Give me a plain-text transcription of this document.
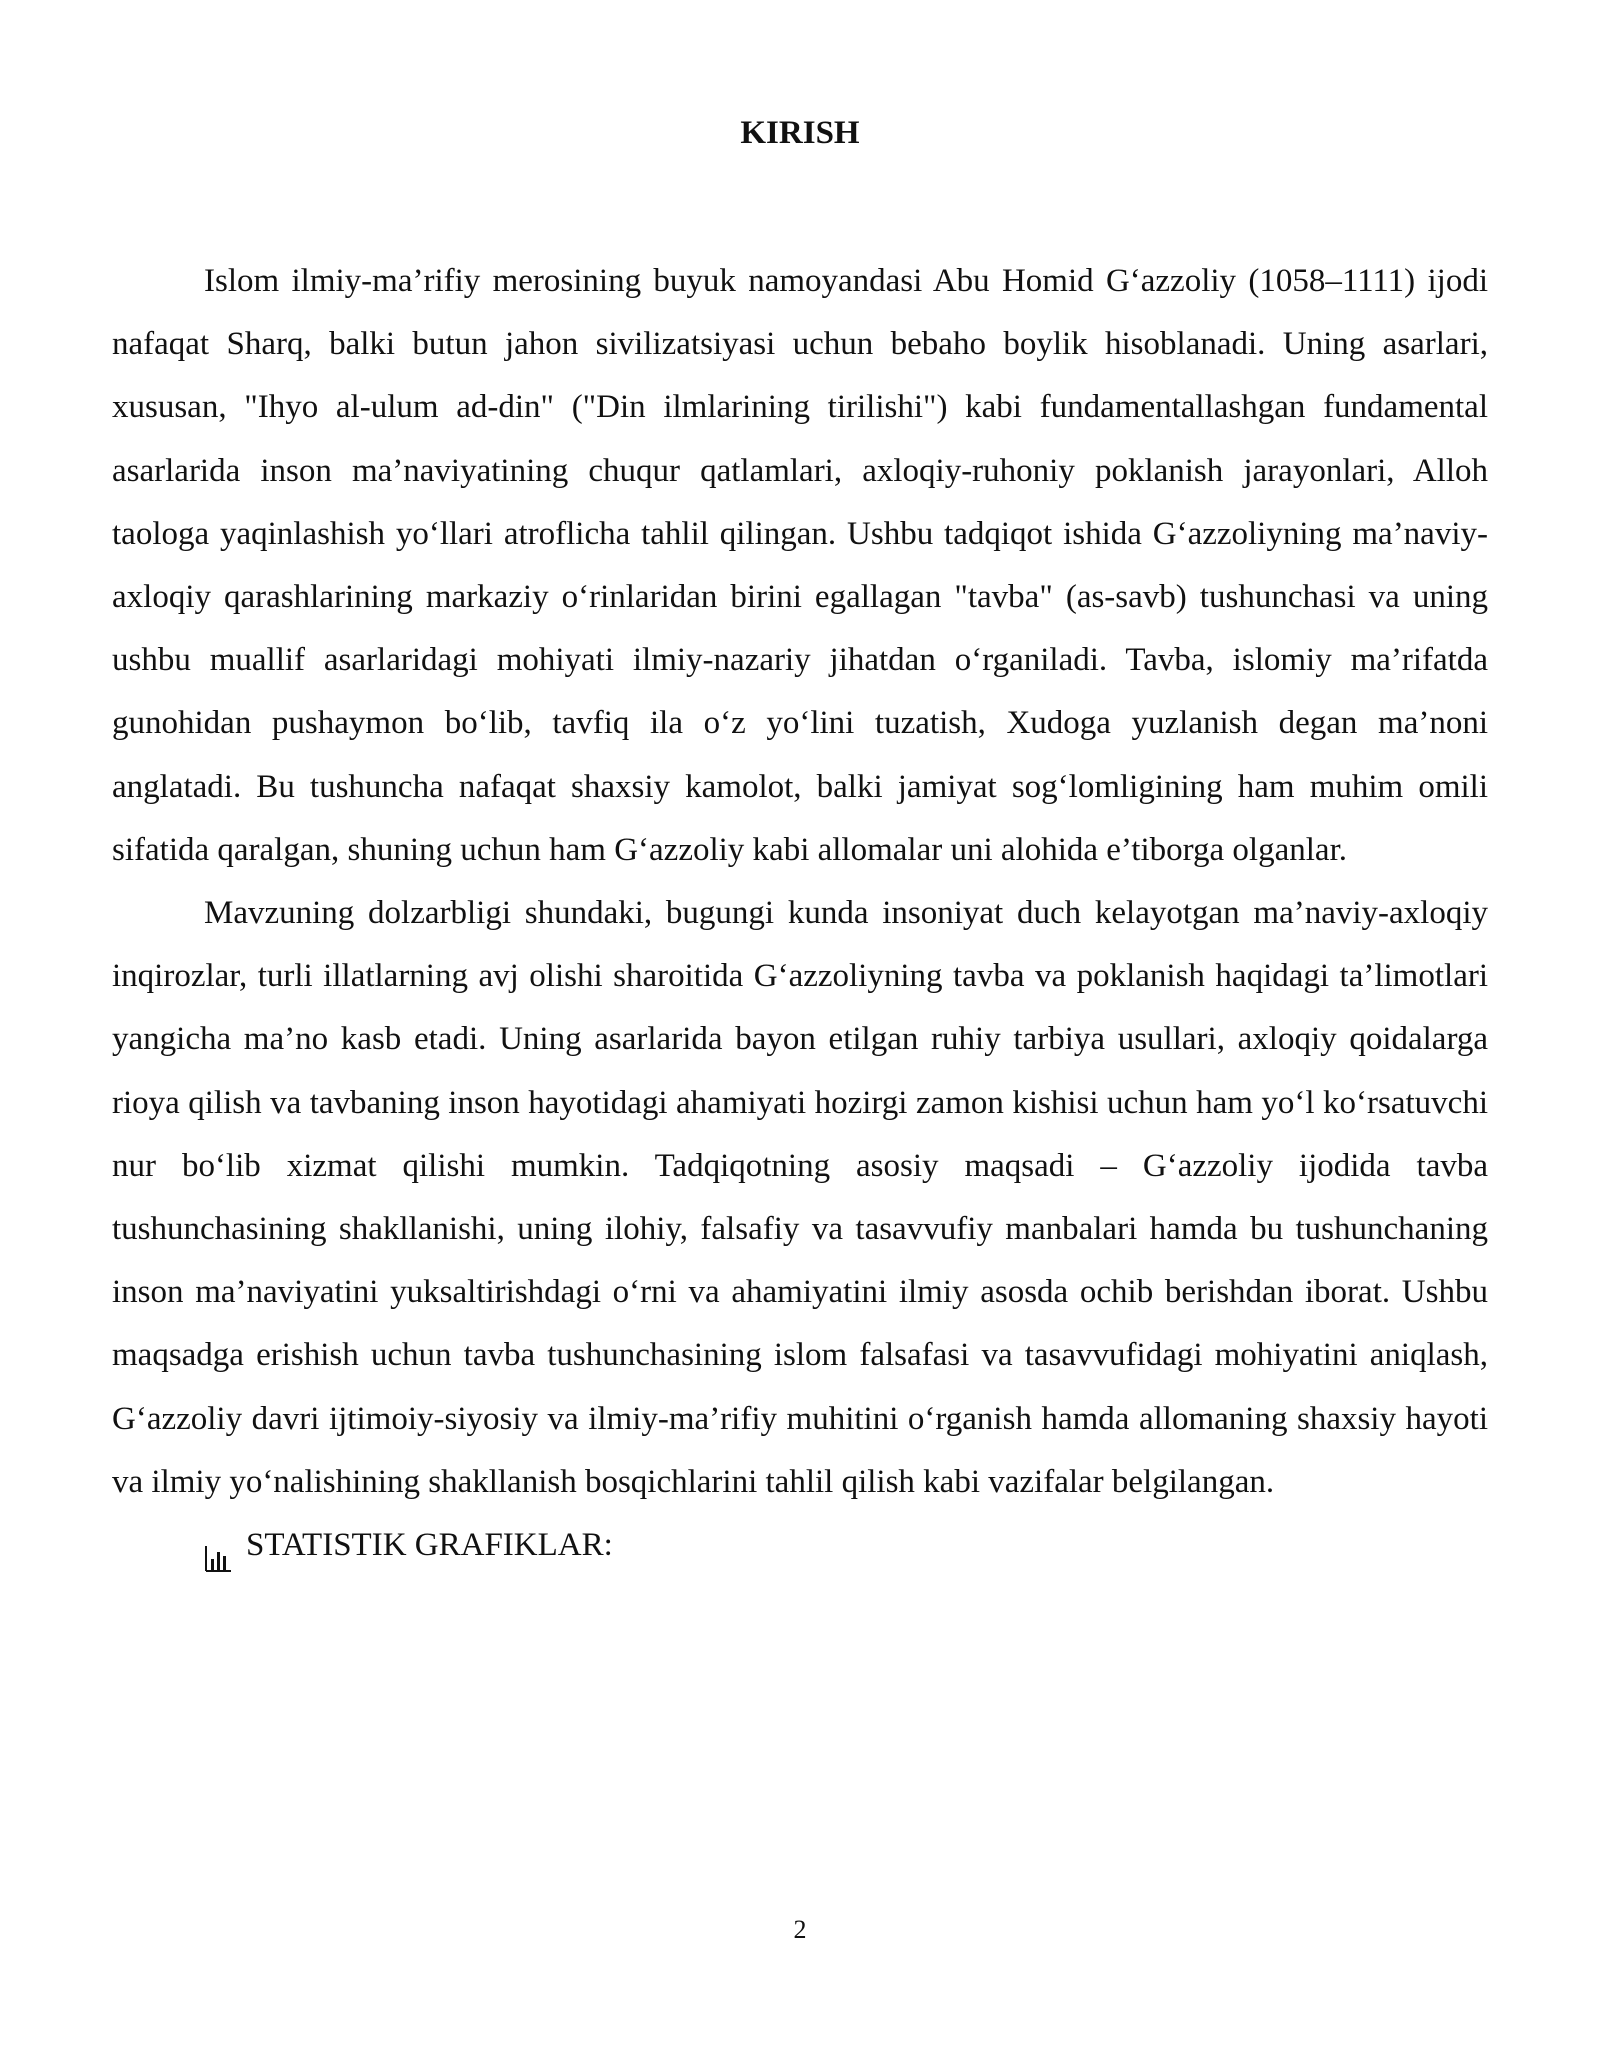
KIRISH

Islom ilmiy-ma’rifiy merosining buyuk namoyandasi Abu Homid G‘azzoliy (1058–1111) ijodi nafaqat Sharq, balki butun jahon sivilizatsiyasi uchun bebaho boylik hisoblanadi. Uning asarlari, xususan, "Ihyo al-ulum ad-din" ("Din ilmlarining tirilishi") kabi fundamentallashgan fundamental asarlarida inson ma’naviyatining chuqur qatlamlari, axloqiy-ruhoniy poklanish jarayonlari, Alloh taologa yaqinlashish yo‘llari atroflicha tahlil qilingan. Ushbu tadqiqot ishida G‘azzoliyning ma’naviy-axloqiy qarashlarining markaziy o‘rinlaridan birini egallagan "tavba" (as-savb) tushunchasi va uning ushbu muallif asarlaridagi mohiyati ilmiy-nazariy jihatdan o‘rganiladi. Tavba, islomiy ma’rifatda gunohidan pushaymon bo‘lib, tavfiq ila o‘z yo‘lini tuzatish, Xudoga yuzlanish degan ma’noni anglatadi. Bu tushuncha nafaqat shaxsiy kamolot, balki jamiyat sog‘lomligining ham muhim omili sifatida qaralgan, shuning uchun ham G‘azzoliy kabi allomalar uni alohida e’tiborga olganlar.

Mavzuning dolzarbligi shundaki, bugungi kunda insoniyat duch kelayotgan ma’naviy-axloqiy inqirozlar, turli illatlarning avj olishi sharoitida G‘azzoliyning tavba va poklanish haqidagi ta’limotlari yangicha ma’no kasb etadi. Uning asarlarida bayon etilgan ruhiy tarbiya usullari, axloqiy qoidalarga rioya qilish va tavbaning inson hayotidagi ahamiyati hozirgi zamon kishisi uchun ham yo‘l ko‘rsatuvchi nur bo‘lib xizmat qilishi mumkin. Tadqiqotning asosiy maqsadi – G‘azzoliy ijodida tavba tushunchasining shakllanishi, uning ilohiy, falsafiy va tasavvufiy manbalari hamda bu tushunchaning inson ma’naviyatini yuksaltirishdagi o‘rni va ahamiyatini ilmiy asosda ochib berishdan iborat. Ushbu maqsadga erishish uchun tavba tushunchasining islom falsafasi va tasavvufidagi mohiyatini aniqlash, G‘azzoliy davri ijtimoiy-siyosiy va ilmiy-ma’rifiy muhitini o‘rganish hamda allomaning shaxsiy hayoti va ilmiy yo‘nalishining shakllanish bosqichlarini tahlil qilish kabi vazifalar belgilangan.

STATISTIK GRAFIKLAR:
2
